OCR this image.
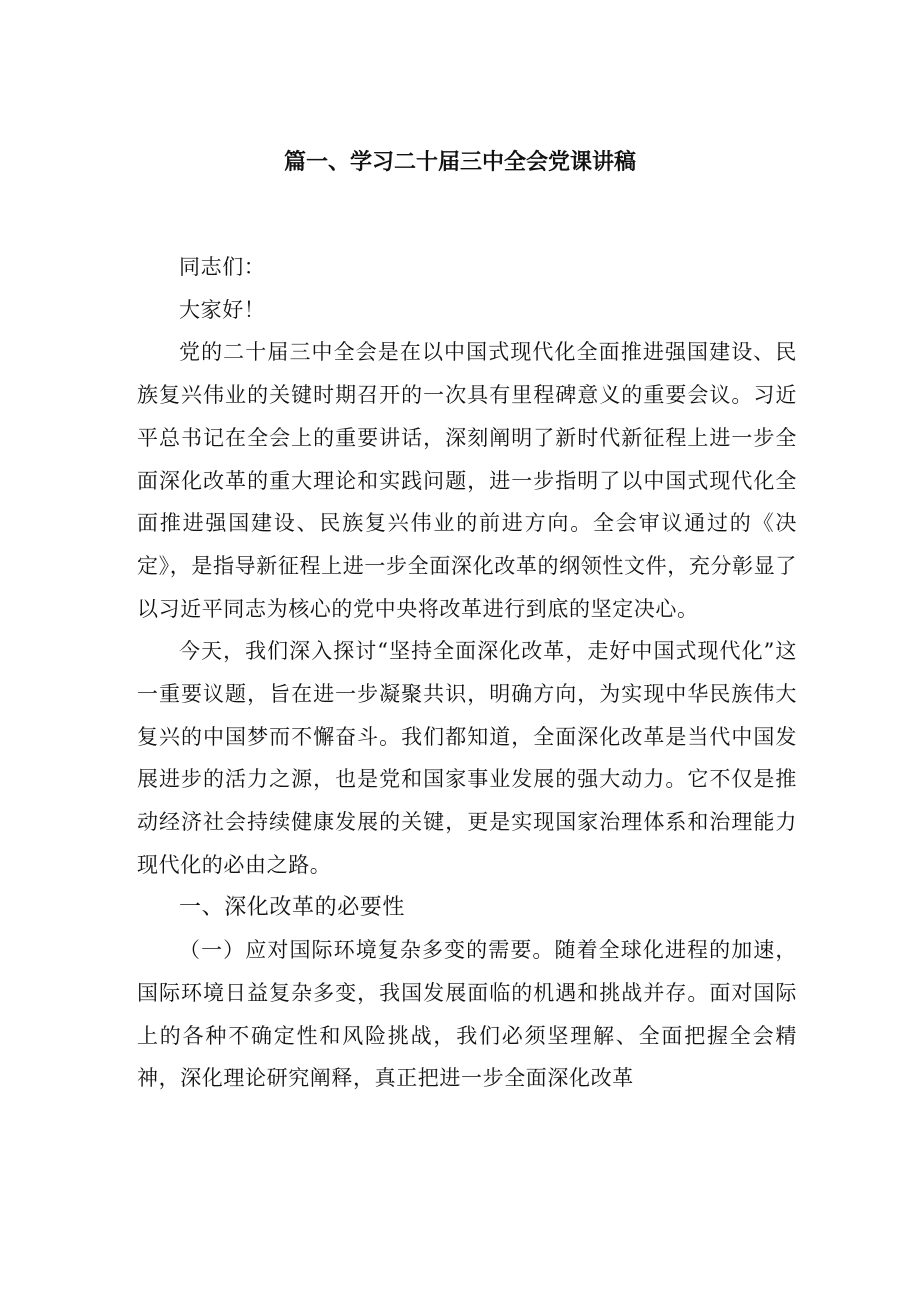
篇一、学习二十届三中全会党课讲稿

同志们：

大家好！

党的二十届三中全会是在以中国式现代化全面推进强国建设、民族复兴伟业的关键时期召开的一次具有里程碑意义的重要会议。习近平总书记在全会上的重要讲话，深刻阐明了新时代新征程上进一步全面深化改革的重大理论和实践问题，进一步指明了以中国式现代化全面推进强国建设、民族复兴伟业的前进方向。全会审议通过的《决定》，是指导新征程上进一步全面深化改革的纲领性文件，充分彰显了以习近平同志为核心的党中央将改革进行到底的坚定决心。

今天，我们深入探讨“坚持全面深化改革，走好中国式现代化”这一重要议题，旨在进一步凝聚共识，明确方向，为实现中华民族伟大复兴的中国梦而不懈奋斗。我们都知道，全面深化改革是当代中国发展进步的活力之源，也是党和国家事业发展的强大动力。它不仅是推动经济社会持续健康发展的关键，更是实现国家治理体系和治理能力现代化的必由之路。

一、深化改革的必要性

（一）应对国际环境复杂多变的需要。随着全球化进程的加速，国际环境日益复杂多变，我国发展面临的机遇和挑战并存。面对国际上的各种不确定性和风险挑战，我们必须坚理解、全面把握全会精神，深化理论研究阐释，真正把进一步全面深化改革
